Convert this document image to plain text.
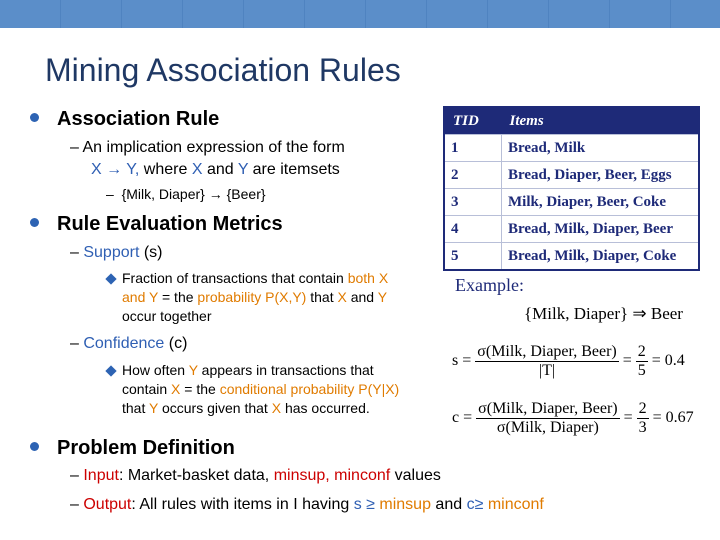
Mining Association Rules
Association Rule
– An implication expression of the form
X → Y, where X and Y are itemsets
–  {Milk, Diaper} → {Beer}
Rule Evaluation Metrics
– Support (s)
Fraction of transactions that contain both X
and Y = the probability P(X,Y) that X and Y
occur together
– Confidence (c)
How often Y appears in transactions that
contain X = the conditional probability P(Y|X)
that Y occurs given that X has occurred.
Problem Definition
– Input: Market-basket data, minsup, minconf values
– Output: All rules with items in I having s ≥ minsup and c≥ minconf
TID	Items
1	Bread, Milk
2	Bread, Diaper, Beer, Eggs
3	Milk, Diaper, Beer, Coke
4	Bread, Milk, Diaper, Beer
5	Bread, Milk, Diaper, Coke
Example:
{Milk, Diaper} ⇒ Beer
$s = \frac{\text{σ(Milk, Diaper, Beer)}}{|T|} = \frac{2}{5} = 0.4$
$c = \frac{\text{σ(Milk, Diaper, Beer)}}{\text{σ(Milk, Diaper)}} = \frac{2}{3} = 0.67$
